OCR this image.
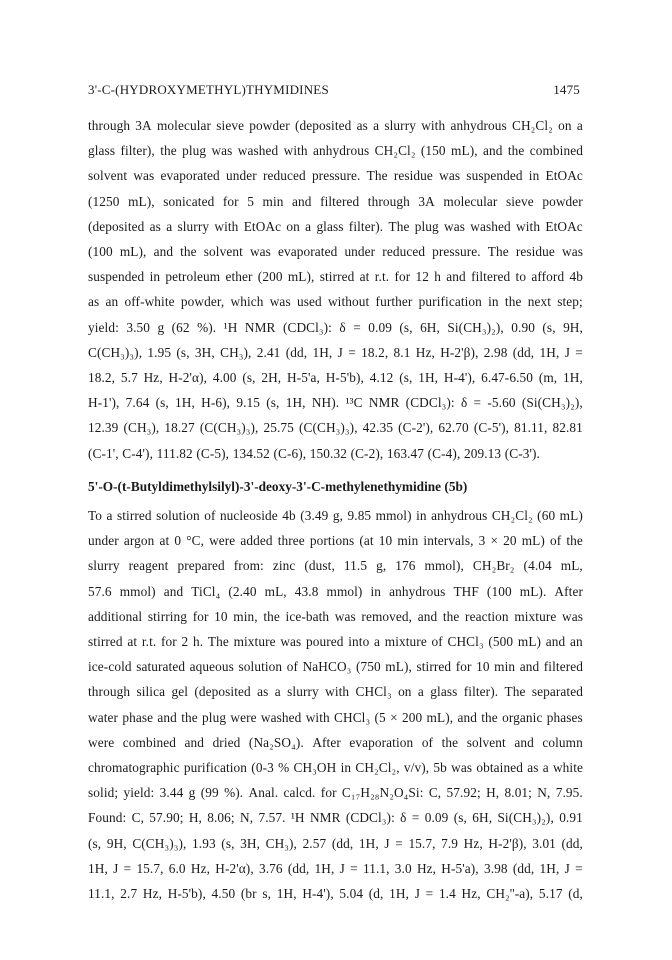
3'-C-(HYDROXYMETHYL)THYMIDINES	1475
through 3A molecular sieve powder (deposited as a slurry with anhydrous CH₂Cl₂ on a
glass filter), the plug was washed with anhydrous CH₂Cl₂ (150 mL), and the combined
solvent was evaporated under reduced pressure. The residue was suspended in EtOAc
(1250 mL), sonicated for 5 min and filtered through 3A molecular sieve powder
(deposited as a slurry with EtOAc on a glass filter). The plug was washed with EtOAc
(100 mL), and the solvent was evaporated under reduced pressure. The residue was
suspended in petroleum ether (200 mL), stirred at r.t. for 12 h and filtered to afford 4b
as an off-white powder, which was used without further purification in the next step;
yield: 3.50 g (62 %). ¹H NMR (CDCl₃): δ = 0.09 (s, 6H, Si(CH₃)₂), 0.90 (s, 9H,
C(CH₃)₃), 1.95 (s, 3H, CH₃), 2.41 (dd, 1H, J = 18.2, 8.1 Hz, H-2'β), 2.98 (dd, 1H, J =
18.2, 5.7 Hz, H-2'α), 4.00 (s, 2H, H-5'a, H-5'b), 4.12 (s, 1H, H-4'), 6.47-6.50 (m, 1H,
H-1'), 7.64 (s, 1H, H-6), 9.15 (s, 1H, NH). ¹³C NMR (CDCl₃): δ = -5.60 (Si(CH₃)₂),
12.39 (CH₃), 18.27 (C(CH₃)₃), 25.75 (C(CH₃)₃), 42.35 (C-2'), 62.70 (C-5'), 81.11, 82.81
(C-1', C-4'), 111.82 (C-5), 134.52 (C-6), 150.32 (C-2), 163.47 (C-4), 209.13 (C-3').
5'-O-(t-Butyldimethylsilyl)-3'-deoxy-3'-C-methylenethymidine (5b)
To a stirred solution of nucleoside 4b (3.49 g, 9.85 mmol) in anhydrous CH₂Cl₂ (60 mL)
under argon at 0 °C, were added three portions (at 10 min intervals, 3 × 20 mL) of the
slurry reagent prepared from: zinc (dust, 11.5 g, 176 mmol), CH₂Br₂ (4.04 mL,
57.6 mmol) and TiCl₄ (2.40 mL, 43.8 mmol) in anhydrous THF (100 mL). After
additional stirring for 10 min, the ice-bath was removed, and the reaction mixture was
stirred at r.t. for 2 h. The mixture was poured into a mixture of CHCl₃ (500 mL) and an
ice-cold saturated aqueous solution of NaHCO₃ (750 mL), stirred for 10 min and filtered
through silica gel (deposited as a slurry with CHCl₃ on a glass filter). The separated
water phase and the plug were washed with CHCl₃ (5 × 200 mL), and the organic phases
were combined and dried (Na₂SO₄). After evaporation of the solvent and column
chromatographic purification (0-3 % CH₃OH in CH₂Cl₂, v/v), 5b was obtained as a white
solid; yield: 3.44 g (99 %). Anal. calcd. for C₁₇H₂₈N₂O₄Si: C, 57.92; H, 8.01; N, 7.95.
Found: C, 57.90; H, 8.06; N, 7.57. ¹H NMR (CDCl₃): δ = 0.09 (s, 6H, Si(CH₃)₂), 0.91
(s, 9H, C(CH₃)₃), 1.93 (s, 3H, CH₃), 2.57 (dd, 1H, J = 15.7, 7.9 Hz, H-2'β), 3.01 (dd,
1H, J = 15.7, 6.0 Hz, H-2'α), 3.76 (dd, 1H, J = 11.1, 3.0 Hz, H-5'a), 3.98 (dd, 1H, J =
11.1, 2.7 Hz, H-5'b), 4.50 (br s, 1H, H-4'), 5.04 (d, 1H, J = 1.4 Hz, CH₂''-a), 5.17 (d,
